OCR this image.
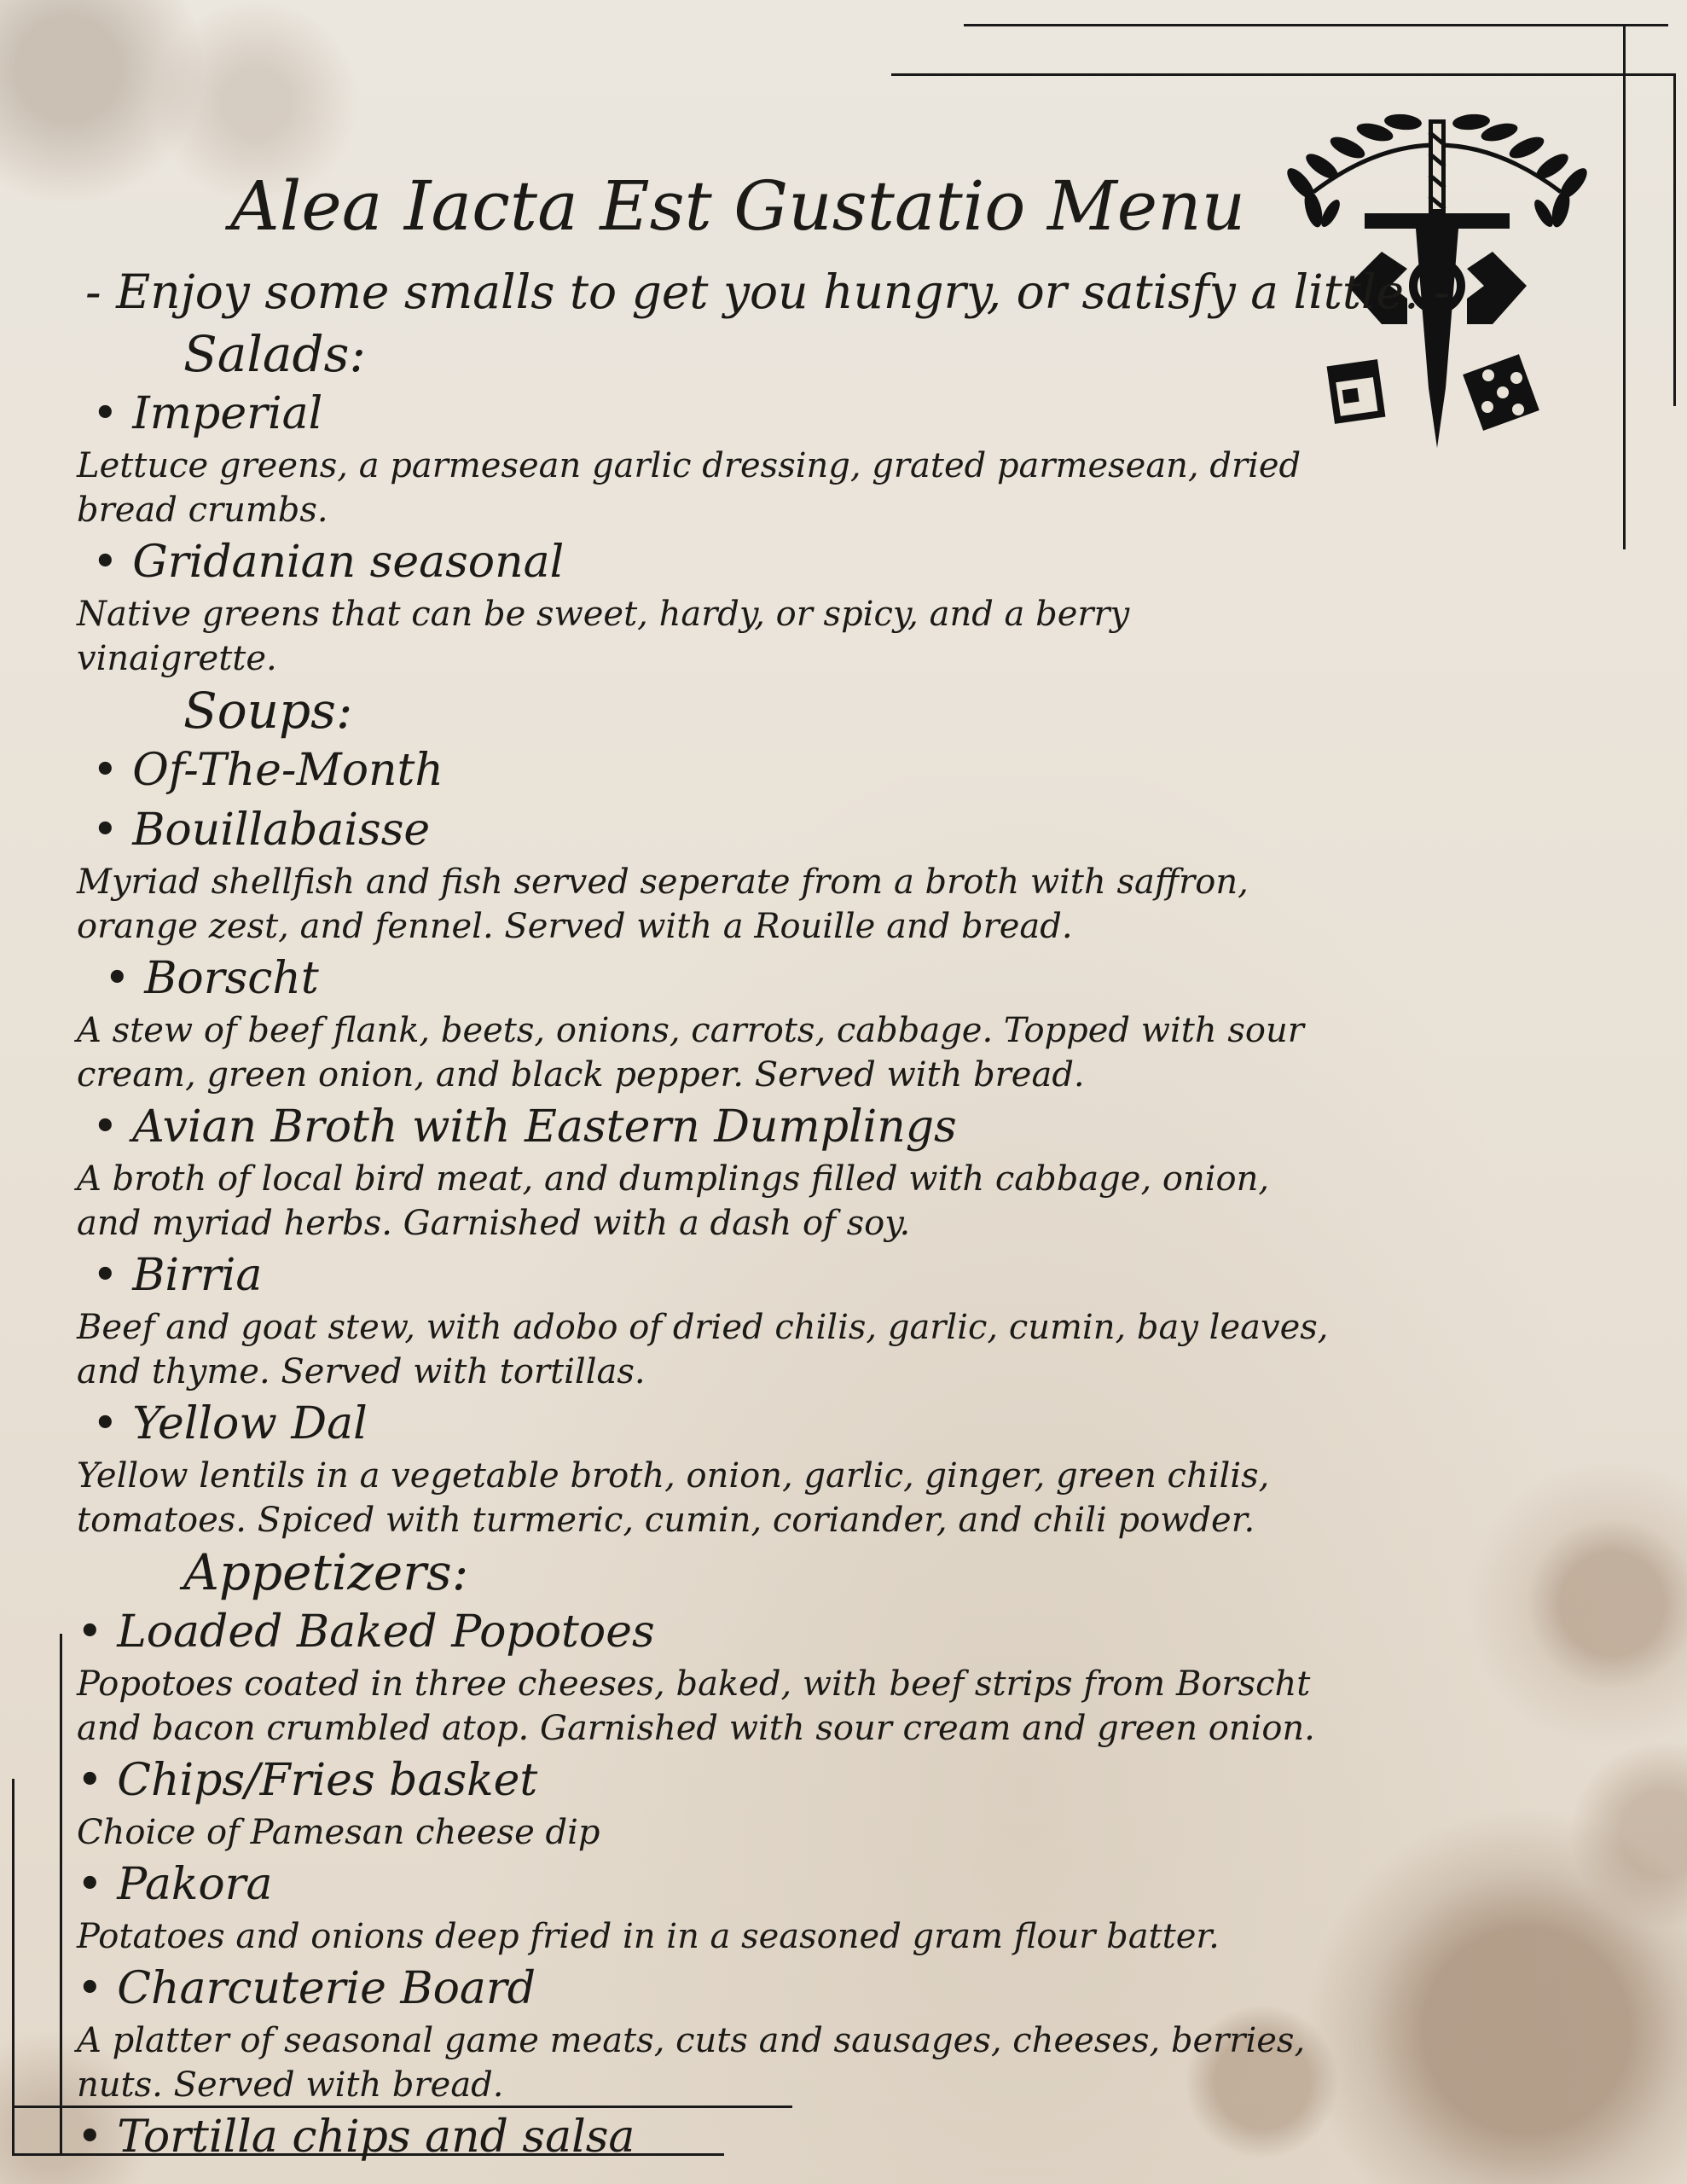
Alea Iacta Est Gustatio Menu

- Enjoy some smalls to get you hungry, or satisfy a little. -

Salads:
• Imperial

Lettuce greens, a parmesean garlic dressing, grated parmesean, dried bread crumbs.

• Gridanian seasonal

Native greens that can be sweet, hardy, or spicy, and a berry vinaigrette.

Soups:
• Of-The-Month
• Bouillabaisse

Myriad shellfish and fish served seperate from a broth with saffron, orange zest, and fennel. Served with a Rouille and bread.

• Borscht

A stew of beef flank, beets, onions, carrots, cabbage. Topped with sour cream, green onion, and black pepper. Served with bread.

• Avian Broth with Eastern Dumplings

A broth of local bird meat, and dumplings filled with cabbage, onion, and myriad herbs. Garnished with a dash of soy.

• Birria

Beef and goat stew, with adobo of dried chilis, garlic, cumin, bay leaves, and thyme. Served with tortillas.

• Yellow Dal

Yellow lentils in a vegetable broth, onion, garlic, ginger, green chilis, tomatoes. Spiced with turmeric, cumin, coriander, and chili powder.

Appetizers:
• Loaded Baked Popotoes

Popotoes coated in three cheeses, baked, with beef strips from Borscht and bacon crumbled atop. Garnished with sour cream and green onion.

• Chips/Fries basket

Choice of Pamesan cheese dip

• Pakora

Potatoes and onions deep fried in in a seasoned gram flour batter.

• Charcuterie Board

A platter of seasonal game meats, cuts and sausages, cheeses, berries, nuts. Served with bread.

• Tortilla chips and salsa
